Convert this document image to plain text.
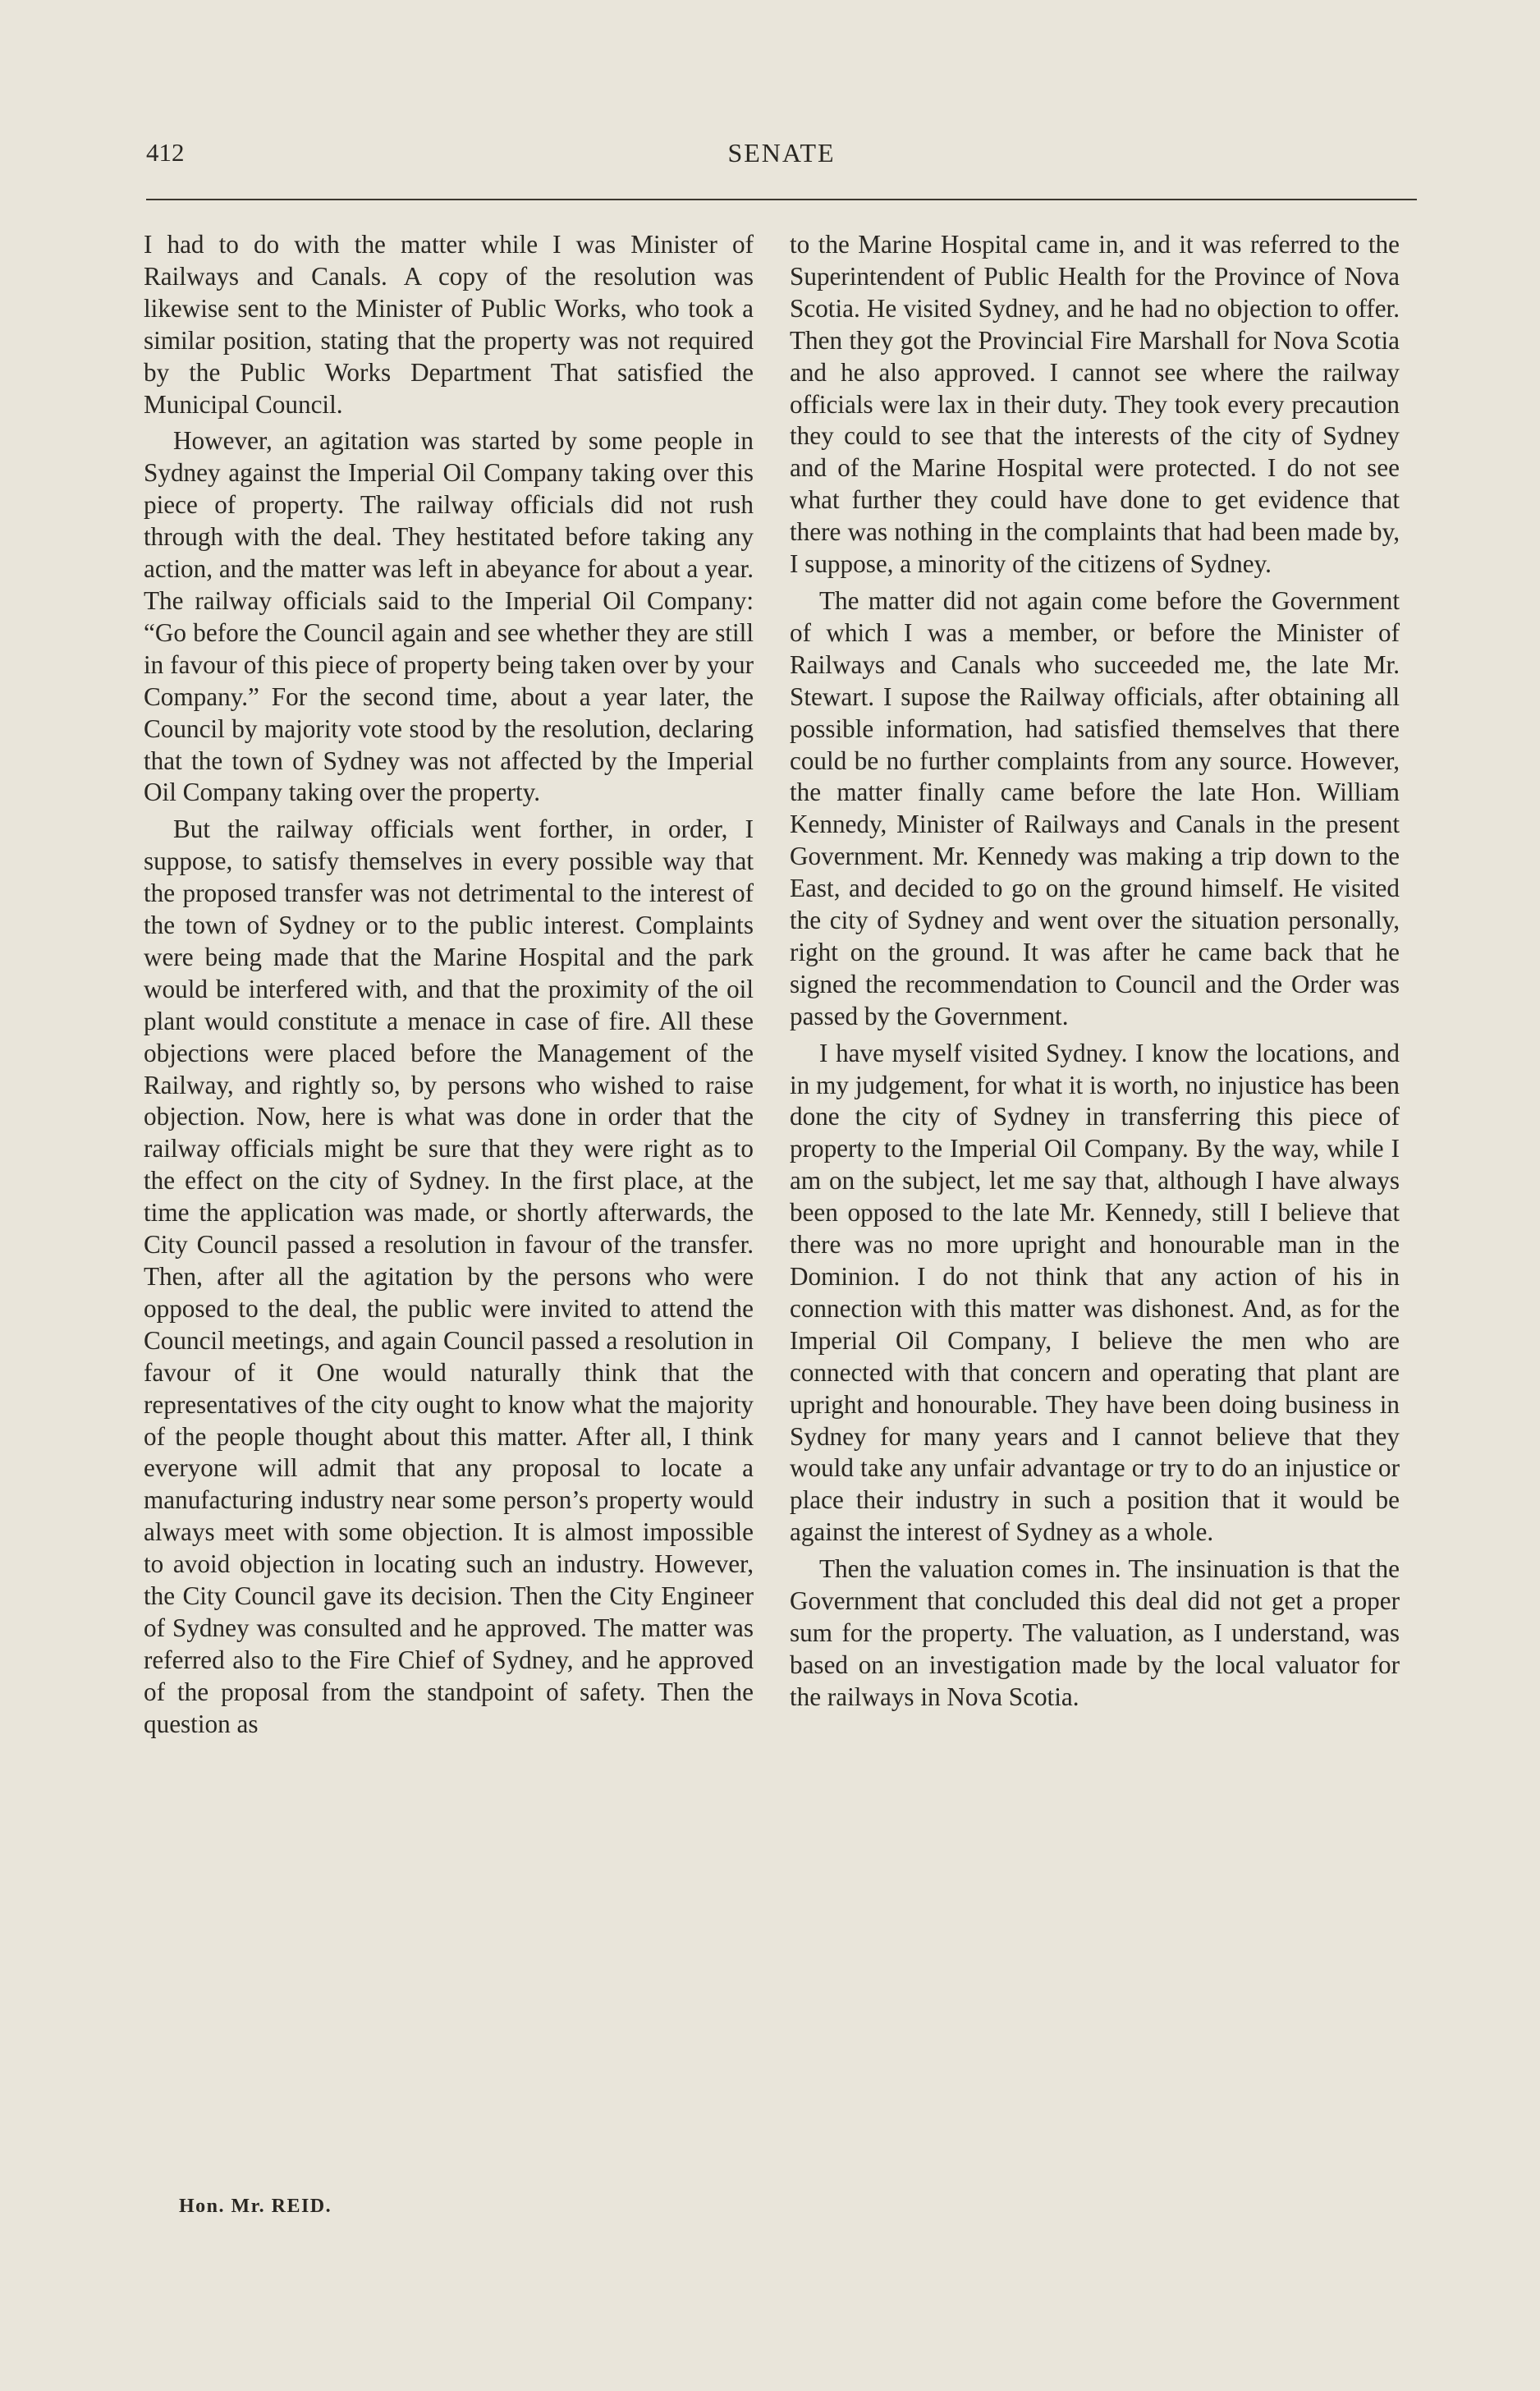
412	SENATE

I had to do with the matter while I was Minister of Railways and Canals. A copy of the resolution was likewise sent to the Minister of Public Works, who took a similar position, stating that the property was not required by the Public Works Department That satisfied the Municipal Council.

However, an agitation was started by some people in Sydney against the Imperial Oil Company taking over this piece of property. The railway officials did not rush through with the deal. They hestitated before taking any action, and the matter was left in abeyance for about a year. The railway officials said to the Imperial Oil Company: “Go before the Council again and see whether they are still in favour of this piece of property being taken over by your Company.” For the second time, about a year later, the Council by majority vote stood by the resolution, declaring that the town of Sydney was not affected by the Imperial Oil Company taking over the property.

But the railway officials went forther, in order, I suppose, to satisfy themselves in every possible way that the proposed transfer was not detrimental to the interest of the town of Sydney or to the public interest. Complaints were being made that the Marine Hospital and the park would be interfered with, and that the proximity of the oil plant would constitute a menace in case of fire. All these objections were placed before the Management of the Railway, and rightly so, by persons who wished to raise objection. Now, here is what was done in order that the railway officials might be sure that they were right as to the effect on the city of Sydney. In the first place, at the time the application was made, or shortly afterwards, the City Council passed a resolution in favour of the transfer. Then, after all the agitation by the persons who were opposed to the deal, the public were invited to attend the Council meetings, and again Council passed a resolution in favour of it One would naturally think that the representatives of the city ought to know what the majority of the people thought about this matter. After all, I think everyone will admit that any proposal to locate a manufacturing industry near some person’s property would always meet with some objection. It is almost impossible to avoid objection in locating such an industry. However, the City Council gave its decision. Then the City Engineer of Sydney was consulted and he approved. The matter was referred also to the Fire Chief of Sydney, and he approved of the proposal from the standpoint of safety. Then the question as

to the Marine Hospital came in, and it was referred to the Superintendent of Public Health for the Province of Nova Scotia. He visited Sydney, and he had no objection to offer. Then they got the Provincial Fire Marshall for Nova Scotia and he also approved. I cannot see where the railway officials were lax in their duty. They took every precaution they could to see that the interests of the city of Sydney and of the Marine Hospital were protected. I do not see what further they could have done to get evidence that there was nothing in the complaints that had been made by, I suppose, a minority of the citizens of Sydney.

The matter did not again come before the Government of which I was a member, or before the Minister of Railways and Canals who succeeded me, the late Mr. Stewart. I supose the Railway officials, after obtaining all possible information, had satisfied themselves that there could be no further complaints from any source. However, the matter finally came before the late Hon. William Kennedy, Minister of Railways and Canals in the present Government. Mr. Kennedy was making a trip down to the East, and decided to go on the ground himself. He visited the city of Sydney and went over the situation personally, right on the ground. It was after he came back that he signed the recommendation to Council and the Order was passed by the Government.

I have myself visited Sydney. I know the locations, and in my judgement, for what it is worth, no injustice has been done the city of Sydney in transferring this piece of property to the Imperial Oil Company. By the way, while I am on the subject, let me say that, although I have always been opposed to the late Mr. Kennedy, still I believe that there was no more upright and honourable man in the Dominion. I do not think that any action of his in connection with this matter was dishonest. And, as for the Imperial Oil Company, I believe the men who are connected with that concern and operating that plant are upright and honourable. They have been doing business in Sydney for many years and I cannot believe that they would take any unfair advantage or try to do an injustice or place their industry in such a position that it would be against the interest of Sydney as a whole.

Then the valuation comes in. The insinuation is that the Government that concluded this deal did not get a proper sum for the property. The valuation, as I understand, was based on an investigation made by the local valuator for the railways in Nova Scotia.

Hon. Mr. REID.
